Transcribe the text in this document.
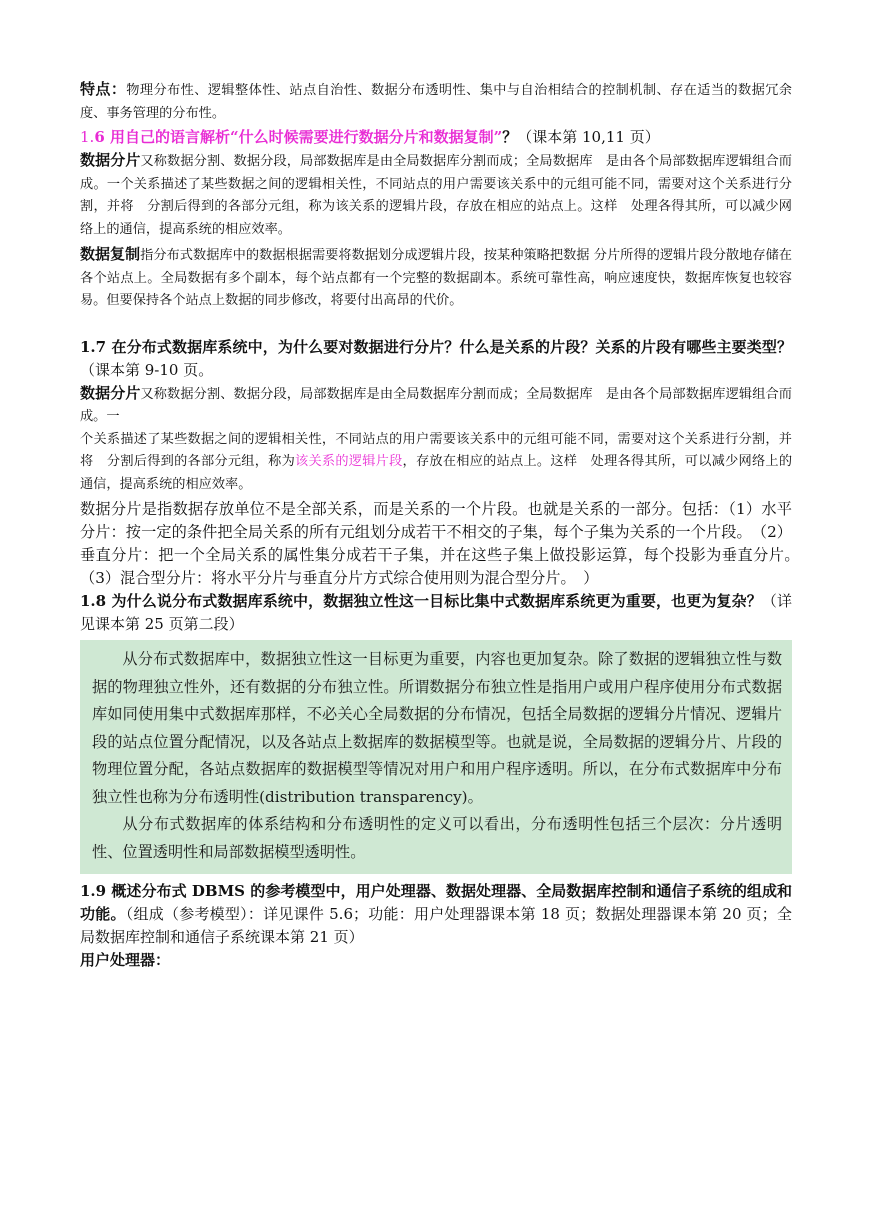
特点：物理分布性、逻辑整体性、站点自治性、数据分布透明性、集中与自治相结合的控制机制、存在适当的数据冗余度、事务管理的分布性。

1.6 用自己的语言解析“什么时候需要进行数据分片和数据复制”？（课本第 10,11 页）

数据分片又称数据分割、数据分段，局部数据库是由全局数据库分割而成；全局数据库　是由各个局部数据库逻辑组合而成。一个关系描述了某些数据之间的逻辑相关性，不同站点的用户需要该关系中的元组可能不同，需要对这个关系进行分割，并将　分割后得到的各部分元组，称为该关系的逻辑片段，存放在相应的站点上。这样　处理各得其所，可以减少网络上的通信，提高系统的相应效率。

数据复制指分布式数据库中的数据根据需要将数据划分成逻辑片段，按某种策略把数据 分片所得的逻辑片段分散地存储在各个站点上。全局数据有多个副本，每个站点都有一个完整的数据副本。系统可靠性高，响应速度快，数据库恢复也较容易。但要保持各个站点上数据的同步修改，将要付出高昂的代价。

1.7 在分布式数据库系统中，为什么要对数据进行分片？什么是关系的片段？关系的片段有哪些主要类型？（课本第 9-10 页。

数据分片又称数据分割、数据分段，局部数据库是由全局数据库分割而成；全局数据库　是由各个局部数据库逻辑组合而成。一

个关系描述了某些数据之间的逻辑相关性，不同站点的用户需要该关系中的元组可能不同，需要对这个关系进行分割，并将　分割后得到的各部分元组，称为该关系的逻辑片段，存放在相应的站点上。这样　处理各得其所，可以减少网络上的通信，提高系统的相应效率。

数据分片是指数据存放单位不是全部关系，而是关系的一个片段。也就是关系的一部分。包括：（1）水平分片：按一定的条件把全局关系的所有元组划分成若干不相交的子集，每个子集为关系的一个片段。　（2）垂直分片：把一个全局关系的属性集分成若干子集，并在这些子集上做投影运算，每个投影为垂直分片。　（3）混合型分片：将水平分片与垂直分片方式综合使用则为混合型分片。　）

1.8 为什么说分布式数据库系统中，数据独立性这一目标比集中式数据库系统更为重要，也更为复杂？（详见课本第 25 页第二段）

从分布式数据库中，数据独立性这一目标更为重要，内容也更加复杂。除了数据的逻辑独立性与数据的物理独立性外，还有数据的分布独立性。所谓数据分布独立性是指用户或用户程序使用分布式数据库如同使用集中式数据库那样，不必关心全局数据的分布情况，包括全局数据的逻辑分片情况、逻辑片段的站点位置分配情况，以及各站点上数据库的数据模型等。也就是说，全局数据的逻辑分片、片段的物理位置分配，各站点数据库的数据模型等情况对用户和用户程序透明。所以，在分布式数据库中分布独立性也称为分布透明性(distribution transparency)。

从分布式数据库的体系结构和分布透明性的定义可以看出，分布透明性包括三个层次：分片透明性、位置透明性和局部数据模型透明性。

1.9 概述分布式 DBMS 的参考模型中，用户处理器、数据处理器、全局数据库控制和通信子系统的组成和功能。（组成（参考模型）：详见课件 5.6；功能：用户处理器课本第 18 页；数据处理器课本第 20 页；全局数据库控制和通信子系统课本第 21 页）

用户处理器：
